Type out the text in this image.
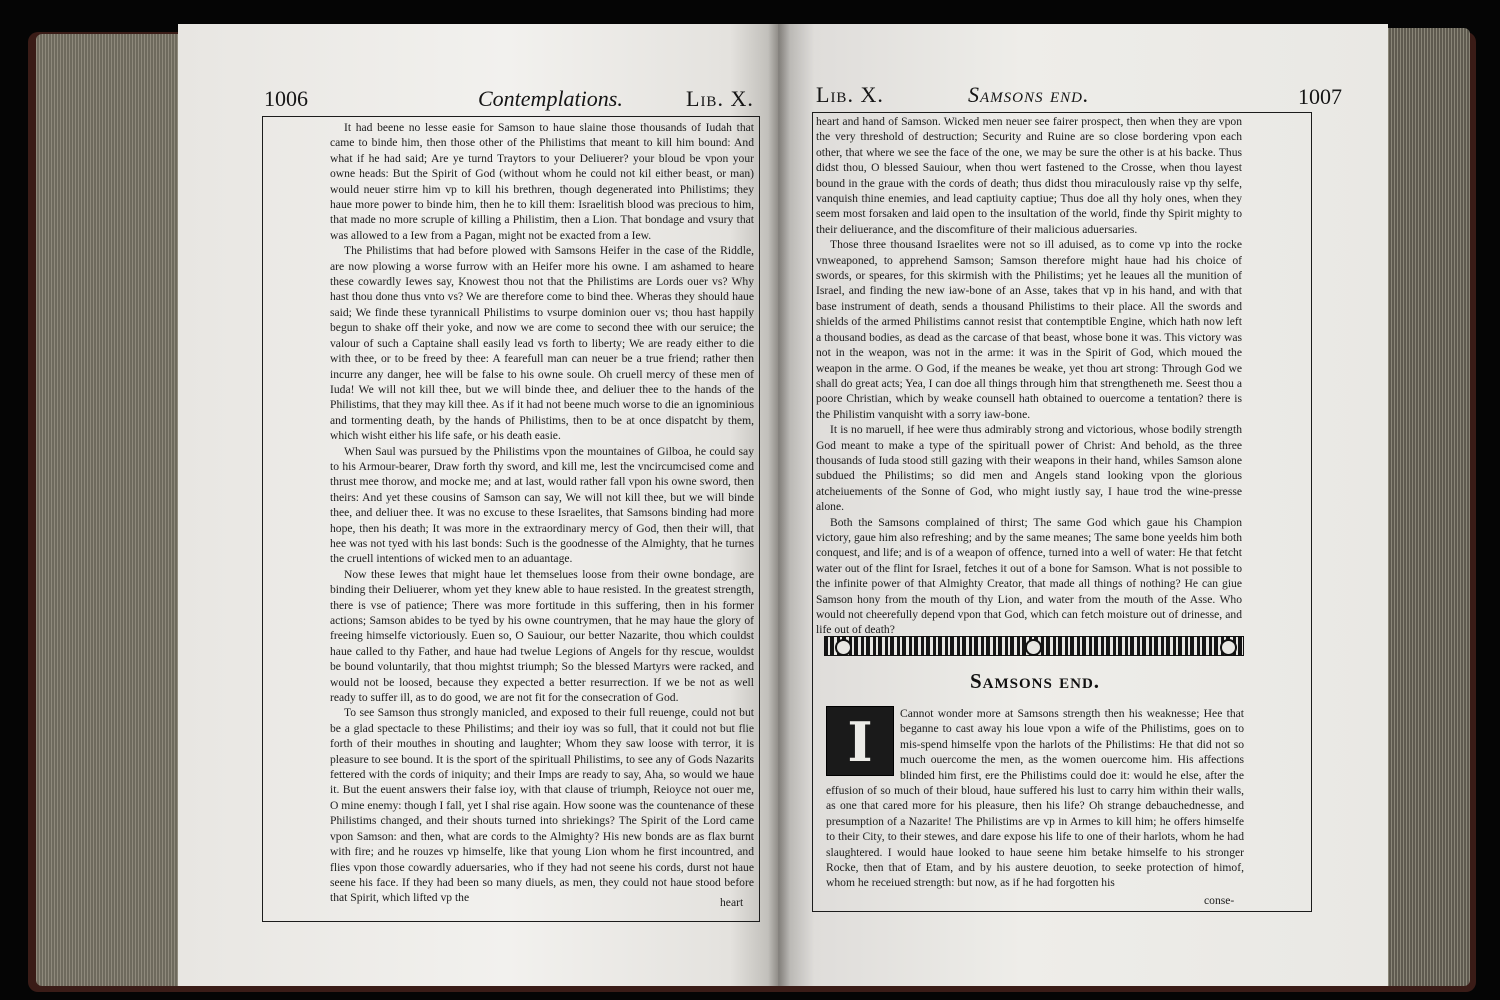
1006	Contemplations.	Lib. X.

It had beene no lesse easie for Samson to haue slaine those thousands of Iudah that came to binde him, then those other of the Philistims that meant to kill him bound: And what if he had said; Are ye turnd Traytors to your Deliuerer? your bloud be vpon your owne heads: But the Spirit of God (without whom he could not kil either beast, or man) would neuer stirre him vp to kill his brethren, though degenerated into Philistims; they haue more power to binde him, then he to kill them: Israelitish blood was precious to him, that made no more scruple of killing a Philistim, then a Lion. That bondage and vsury that was allowed to a Iew from a Pagan, might not be exacted from a Iew.

The Philistims that had before plowed with Samsons Heifer in the case of the Riddle, are now plowing a worse furrow with an Heifer more his owne. I am ashamed to heare these cowardly Iewes say, Knowest thou not that the Philistims are Lords ouer vs? Why hast thou done thus vnto vs? We are therefore come to bind thee. Wheras they should haue said; We finde these tyrannicall Philistims to vsurpe dominion ouer vs; thou hast happily begun to shake off their yoke, and now we are come to second thee with our seruice; the valour of such a Captaine shall easily lead vs forth to liberty; We are ready either to die with thee, or to be freed by thee: A fearefull man can neuer be a true friend; rather then incurre any danger, hee will be false to his owne soule. Oh cruell mercy of these men of Iuda! We will not kill thee, but we will binde thee, and deliuer thee to the hands of the Philistims, that they may kill thee. As if it had not beene much worse to die an ignominious and tormenting death, by the hands of Philistims, then to be at once dispatcht by them, which wisht either his life safe, or his death easie.

When Saul was pursued by the Philistims vpon the mountaines of Gilboa, he could say to his Armour-bearer, Draw forth thy sword, and kill me, lest the vncircumcised come and thrust mee thorow, and mocke me; and at last, would rather fall vpon his owne sword, then theirs: And yet these cousins of Samson can say, We will not kill thee, but we will binde thee, and deliuer thee. It was no excuse to these Israelites, that Samsons binding had more hope, then his death; It was more in the extraordinary mercy of God, then their will, that hee was not tyed with his last bonds: Such is the goodnesse of the Almighty, that he turnes the cruell intentions of wicked men to an aduantage.

Now these Iewes that might haue let themselues loose from their owne bondage, are binding their Deliuerer, whom yet they knew able to haue resisted. In the greatest strength, there is vse of patience; There was more fortitude in this suffering, then in his former actions; Samson abides to be tyed by his owne countrymen, that he may haue the glory of freeing himselfe victoriously. Euen so, O Sauiour, our better Nazarite, thou which couldst haue called to thy Father, and haue had twelue Legions of Angels for thy rescue, wouldst be bound voluntarily, that thou mightst triumph; So the blessed Martyrs were racked, and would not be loosed, because they expected a better resurrection. If we be not as well ready to suffer ill, as to do good, we are not fit for the consecration of God.

To see Samson thus strongly manicled, and exposed to their full reuenge, could not but be a glad spectacle to these Philistims; and their ioy was so full, that it could not but flie forth of their mouthes in shouting and laughter; Whom they saw loose with terror, it is pleasure to see bound. It is the sport of the spirituall Philistims, to see any of Gods Nazarits fettered with the cords of iniquity; and their Imps are ready to say, Aha, so would we haue it. But the euent answers their false ioy, with that clause of triumph, Reioyce not ouer me, O mine enemy: though I fall, yet I shal rise again. How soone was the countenance of these Philistims changed, and their shouts turned into shriekings? The Spirit of the Lord came vpon Samson: and then, what are cords to the Almighty? His new bonds are as flax burnt with fire; and he rouzes vp himselfe, like that young Lion whom he first incountred, and flies vpon those cowardly aduersaries, who if they had not seene his cords, durst not haue seene his face. If they had been so many diuels, as men, they could not haue stood before that Spirit, which lifted vp the	heart
Lib. X.	Samsons end.	1007

heart and hand of Samson. Wicked men neuer see fairer prospect, then when they are vpon the very threshold of destruction; Security and Ruine are so close bordering vpon each other, that where we see the face of the one, we may be sure the other is at his backe. Thus didst thou, O blessed Sauiour, when thou wert fastened to the Crosse, when thou layest bound in the graue with the cords of death; thus didst thou miraculously raise vp thy selfe, vanquish thine enemies, and lead captiuity captiue; Thus doe all thy holy ones, when they seem most forsaken and laid open to the insultation of the world, finde thy Spirit mighty to their deliuerance, and the discomfiture of their malicious aduersaries.

Those three thousand Israelites were not so ill aduised, as to come vp into the rocke vnweaponed, to apprehend Samson; Samson therefore might haue had his choice of swords, or speares, for this skirmish with the Philistims; yet he leaues all the munition of Israel, and finding the new iaw-bone of an Asse, takes that vp in his hand, and with that base instrument of death, sends a thousand Philistims to their place. All the swords and shields of the armed Philistims cannot resist that contemptible Engine, which hath now left a thousand bodies, as dead as the carcase of that beast, whose bone it was. This victory was not in the weapon, was not in the arme: it was in the Spirit of God, which moued the weapon in the arme. O God, if the meanes be weake, yet thou art strong: Through God we shall do great acts; Yea, I can doe all things through him that strengtheneth me. Seest thou a poore Christian, which by weake counsell hath obtained to ouercome a tentation? there is the Philistim vanquisht with a sorry iaw-bone.

It is no maruell, if hee were thus admirably strong and victorious, whose bodily strength God meant to make a type of the spirituall power of Christ: And behold, as the three thousands of Iuda stood still gazing with their weapons in their hand, whiles Samson alone subdued the Philistims; so did men and Angels stand looking vpon the glorious atcheiuements of the Sonne of God, who might iustly say, I haue trod the wine-presse alone.

Both the Samsons complained of thirst; The same God which gaue his Champion victory, gaue him also refreshing; and by the same meanes; The same bone yeelds him both conquest, and life; and is of a weapon of offence, turned into a well of water: He that fetcht water out of the flint for Israel, fetches it out of a bone for Samson. What is not possible to the infinite power of that Almighty Creator, that made all things of nothing? He can giue Samson hony from the mouth of thy Lion, and water from the mouth of the Asse. Who would not cheerefully depend vpon that God, which can fetch moisture out of drinesse, and life out of death?

Samsons end.
I	Cannot wonder more at Samsons strength then his weaknesse; Hee that beganne to cast away his loue vpon a wife of the Philistims, goes on to mis-spend himselfe vpon the harlots of the Philistims: He that did not so much ouercome the men, as the women ouercome him. His affections blinded him first, ere the Philistims could doe it: would he else, after the effusion of so much of their bloud, haue suffered his lust to carry him within their walls, as one that cared more for his pleasure, then his life? Oh strange debauchednesse, and presumption of a Nazarite! The Philistims are vp in Armes to kill him; he offers himselfe to their City, to their stewes, and dare expose his life to one of their harlots, whom he had slaughtered. I would haue looked to haue seene him betake himselfe to his stronger Rocke, then that of Etam, and by his austere deuotion, to seeke protection of himof, whom he receiued strength: but now, as if he had forgotten his

conse-
